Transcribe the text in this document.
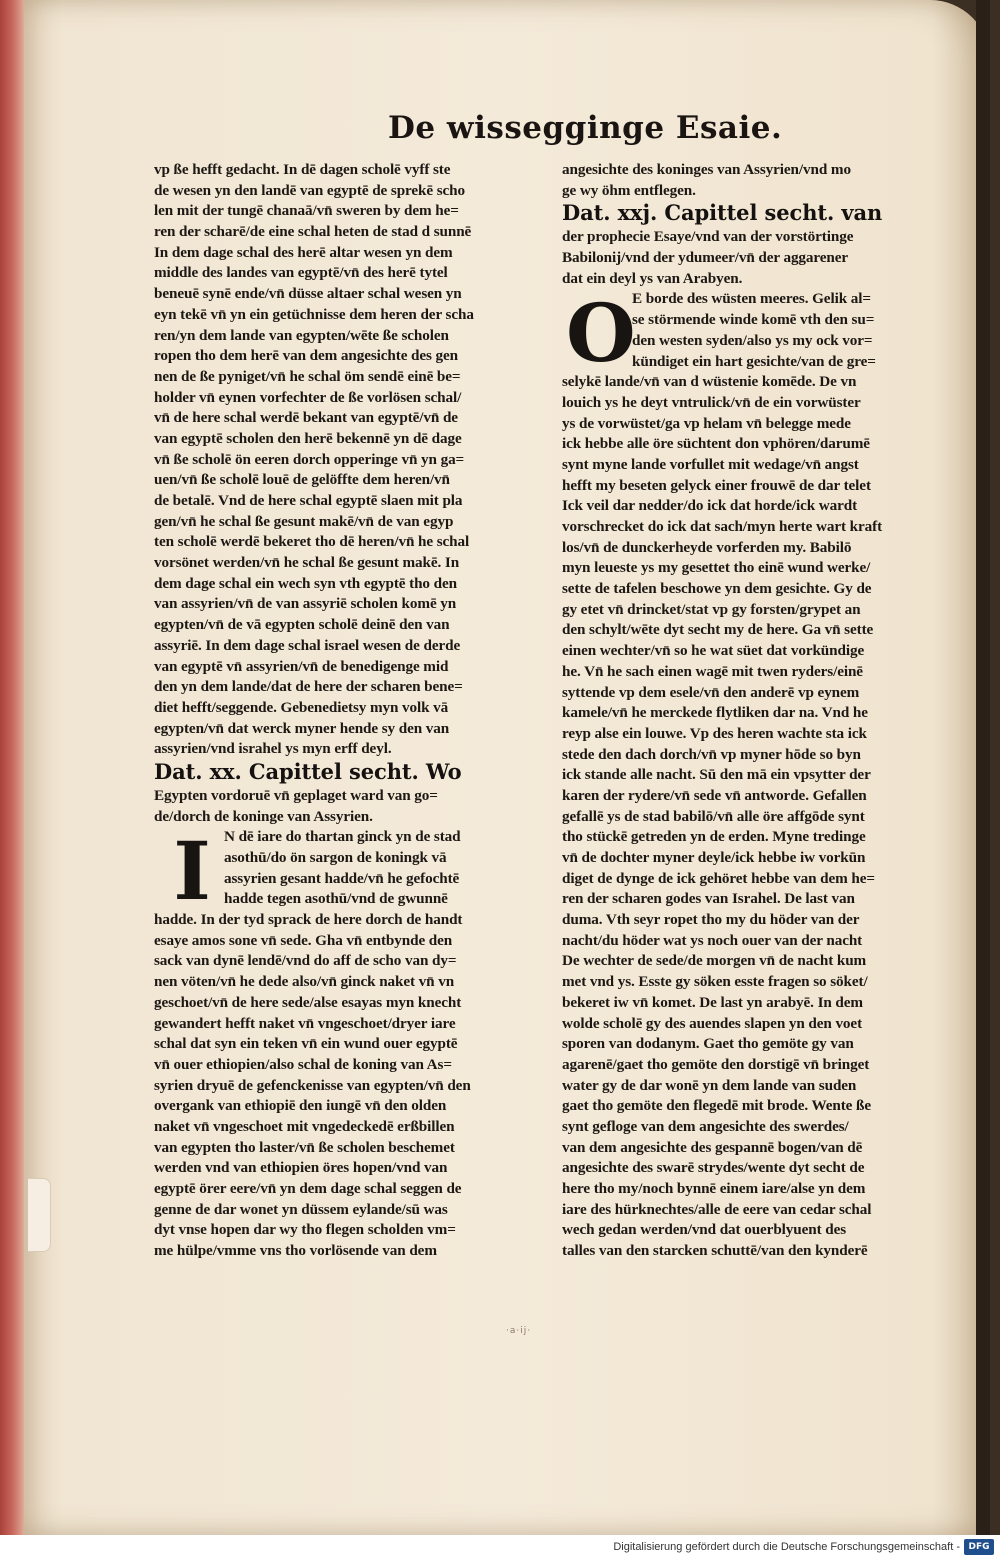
De wissegginge Esaie.
vp ße hefft gedacht. In dē dagen scholē vyff ste
de wesen yn den landē van egyptē de sprekē scho
len mit der tungē chanaā/vn̄ sweren by dem he=
ren der scharē/de eine schal heten de stad d sunnē
In dem dage schal des herē altar wesen yn dem
middle des landes van egyptē/vn̄ des herē tytel
beneuē synē ende/vn̄ düsse altaer schal wesen yn
eyn tekē vn̄ yn ein getüchnisse dem heren der scha
ren/yn dem lande van egypten/wēte ße scholen
ropen tho dem herē van dem angesichte des gen
nen de ße pyniget/vn̄ he schal öm sendē einē be=
holder vn̄ eynen vorfechter de ße vorlösen schal/
vn̄ de here schal werdē bekant van egyptē/vn̄ de
van egyptē scholen den herē bekennē yn dē dage
vn̄ ße scholē ön eeren dorch opperinge vn̄ yn ga=
uen/vn̄ ße scholē louē de gelöffte dem heren/vn̄
de betalē. Vnd de here schal egyptē slaen mit pla
gen/vn̄ he schal ße gesunt makē/vn̄ de van egyp
ten scholē werdē bekeret tho dē heren/vn̄ he schal
vorsönet werden/vn̄ he schal ße gesunt makē. In
dem dage schal ein wech syn vth egyptē tho den
van assyrien/vn̄ de van assyriē scholen komē yn
egypten/vn̄ de vā egypten scholē deinē den van
assyriē. In dem dage schal israel wesen de derde
van egyptē vn̄ assyrien/vn̄ de benedigenge mid
den yn dem lande/dat de here der scharen bene=
diet hefft/seggende. Gebenedietsy myn volk vā
egypten/vn̄ dat werck myner hende sy den van
assyrien/vnd israhel ys myn erff deyl.
Dat. xx. Capittel secht. Wo
Egypten vordoruē vn̄ geplaget ward van go=
de/dorch de koninge van Assyrien.
I N dē iare do thartan ginck yn de stad
asothū/do ön sargon de koningk vā
assyrien gesant hadde/vn̄ he gefochtē
hadde tegen asothū/vnd de gwunnē
hadde. In der tyd sprack de here dorch de handt
esaye amos sone vn̄ sede. Gha vn̄ entbynde den
sack van dynē lendē/vnd do aff de scho van dy=
nen vöten/vn̄ he dede also/vn̄ ginck naket vn̄ vn
geschoet/vn̄ de here sede/alse esayas myn knecht
gewandert hefft naket vn̄ vngeschoet/dryer iare
schal dat syn ein teken vn̄ ein wund ouer egyptē
vn̄ ouer ethiopien/also schal de koning van As=
syrien dryuē de gefenckenisse van egypten/vn̄ den
overgank van ethiopiē den iungē vn̄ den olden
naket vn̄ vngeschoet mit vngedeckedē erßbillen
van egypten tho laster/vn̄ ße scholen beschemet
werden vnd van ethiopien öres hopen/vnd van
egyptē örer eere/vn̄ yn dem dage schal seggen de
genne de dar wonet yn düssem eylande/sū was
dyt vnse hopen dar wy tho flegen scholden vm=
me hülpe/vmme vns tho vorlösende van dem
angesichte des koninges van Assyrien/vnd mo
ge wy öhm entflegen.
Dat. xxj. Capittel secht. van
der prophecie Esaye/vnd van der vorstörtinge
Babilonij/vnd der ydumeer/vn̄ der aggarener
dat ein deyl ys van Arabyen.
O
E borde des wüsten meeres. Gelik al=
se störmende winde komē vth den su=
den westen syden/also ys my ock vor=
kündiget ein hart gesichte/van de gre=
selykē lande/vn̄ van d wüstenie komēde. De vn
louich ys he deyt vntrulick/vn̄ de ein vorwüster
ys de vorwüstet/ga vp helam vn̄ belegge mede
ick hebbe alle öre süchtent don vphören/darumē
synt myne lande vorfullet mit wedage/vn̄ angst
hefft my beseten gelyck einer frouwē de dar telet
Ick veil dar nedder/do ick dat horde/ick wardt
vorschrecket do ick dat sach/myn herte wart kraft
los/vn̄ de dunckerheyde vorferden my. Babilō
myn leueste ys my gesettet tho einē wund werke/
sette de tafelen beschowe yn dem gesichte. Gy de
gy etet vn̄ drincket/stat vp gy forsten/grypet an
den schylt/wēte dyt secht my de here. Ga vn̄ sette
einen wechter/vn̄ so he wat süet dat vorkündige
he. Vn̄ he sach einen wagē mit twen ryders/einē
syttende vp dem esele/vn̄ den anderē vp eynem
kamele/vn̄ he merckede flytliken dar na. Vnd he
reyp alse ein louwe. Vp des heren wachte sta ick
stede den dach dorch/vn̄ vp myner hōde so byn
ick stande alle nacht. Sū den mā ein vpsytter der
karen der rydere/vn̄ sede vn̄ antworde. Gefallen
gefallē ys de stad babilō/vn̄ alle öre affgōde synt
tho stückē getreden yn de erden. Myne tredinge
vn̄ de dochter myner deyle/ick hebbe iw vorkūn
diget de dynge de ick gehöret hebbe van dem he=
ren der scharen godes van Israhel. De last van
duma. Vth seyr ropet tho my du höder van der
nacht/du höder wat ys noch ouer van der nacht
De wechter de sede/de morgen vn̄ de nacht kum
met vnd ys. Esste gy söken esste fragen so söket/
bekeret iw vn̄ komet. De last yn arabyē. In dem
wolde scholē gy des auendes slapen yn den voet
sporen van dodanym. Gaet tho gemöte gy van
agarenē/gaet tho gemöte den dorstigē vn̄ bringet
water gy de dar wonē yn dem lande van suden
gaet tho gemöte den flegedē mit brode. Wente ße
synt gefloge van dem angesichte des swerdes/
van dem angesichte des gespannē bogen/van dē
angesichte des swarē strydes/wente dyt secht de
here tho my/noch bynnē einem iare/alse yn dem
iare des hürknechtes/alle de eere van cedar schal
wech gedan werden/vnd dat ouerblyuent des
talles van den starcken schuttē/van den kynderē
·a·ij·
Digitalisierung gefördert durch die Deutsche Forschungsgemeinschaft - DFG
